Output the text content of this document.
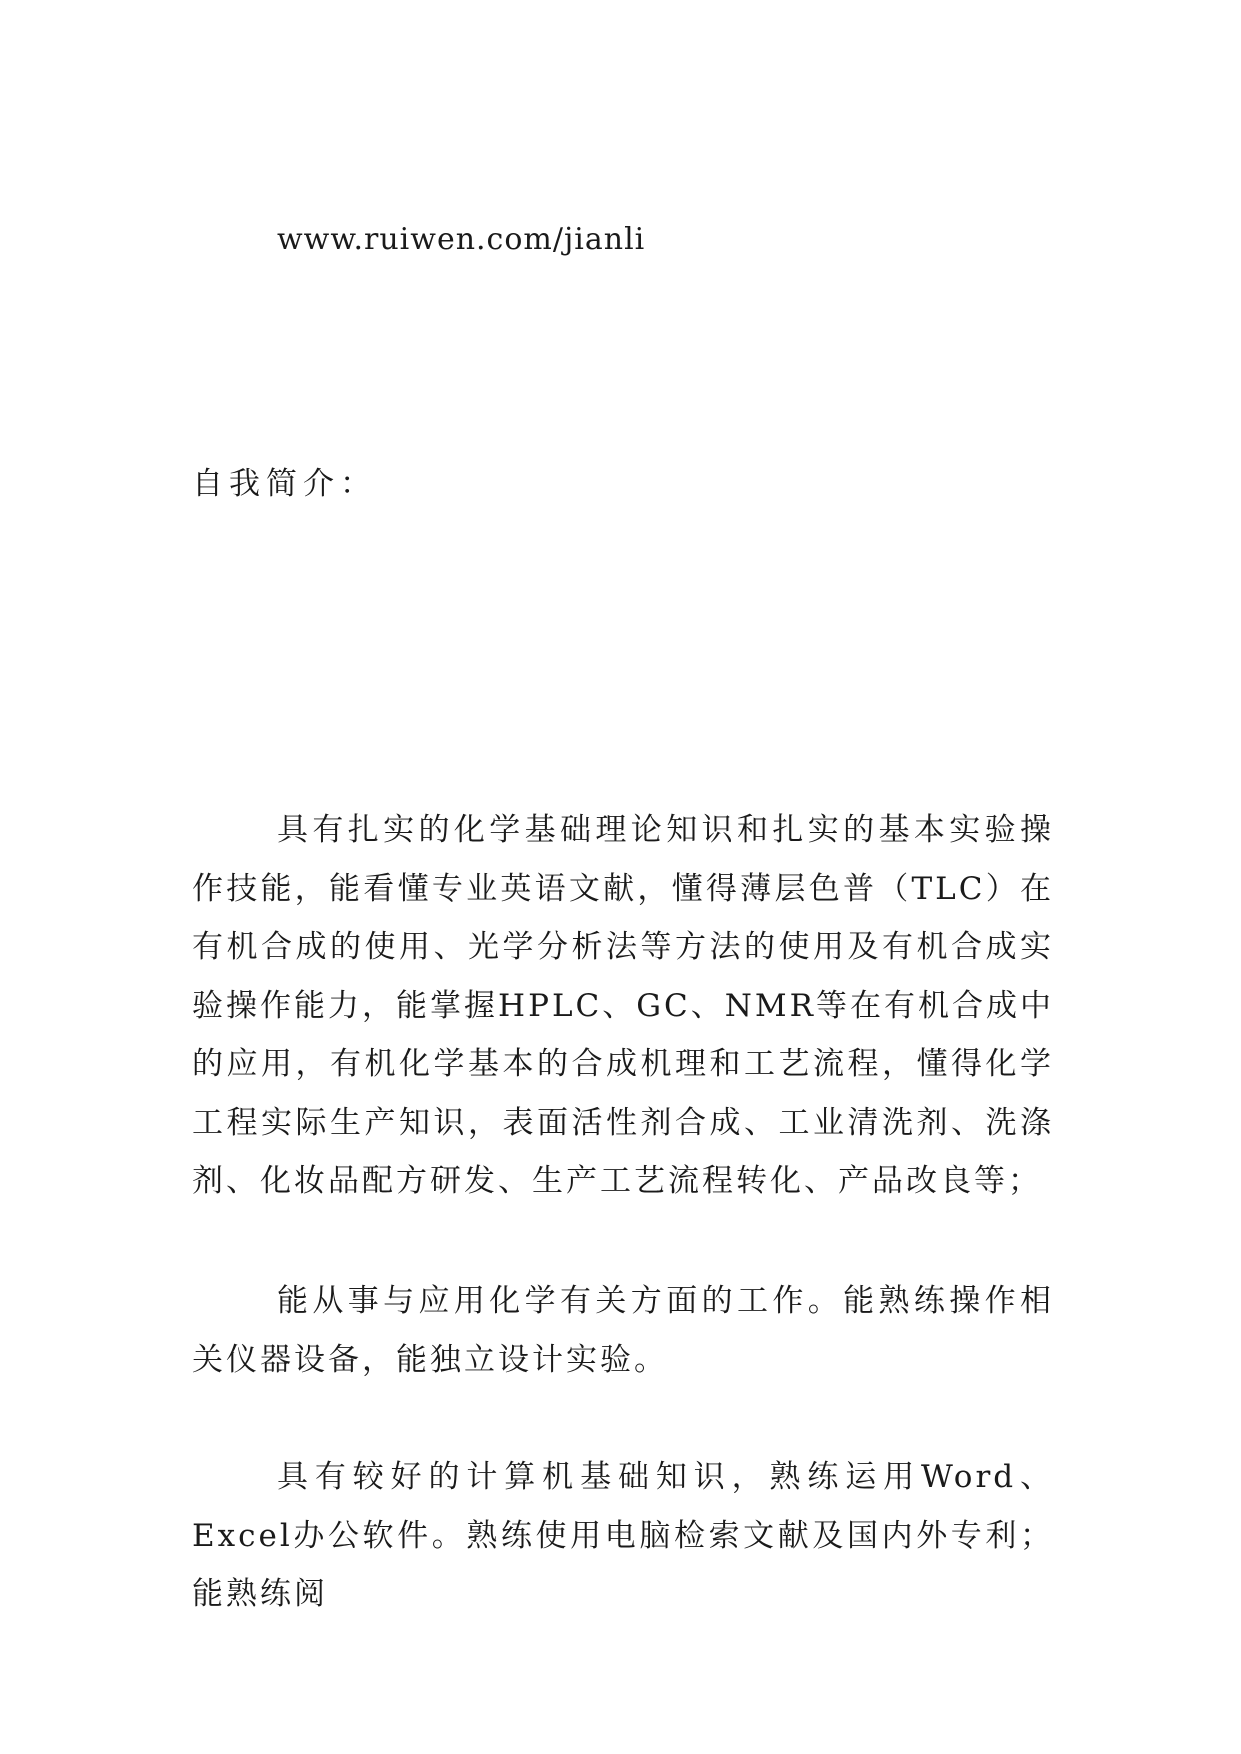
www.ruiwen.com/jianli
自我简介：

具有扎实的化学基础理论知识和扎实的基本实验操作技能，能看懂专业英语文献，懂得薄层色普（TLC）在有机合成的使用、光学分析法等方法的使用及有机合成实验操作能力，能掌握HPLC、GC、NMR等在有机合成中的应用，有机化学基本的合成机理和工艺流程，懂得化学工程实际生产知识，表面活性剂合成、工业清洗剂、洗涤剂、化妆品配方研发、生产工艺流程转化、产品改良等；

能从事与应用化学有关方面的工作。能熟练操作相关仪器设备，能独立设计实验。

具有较好的计算机基础知识，熟练运用Word、Excel办公软件。熟练使用电脑检索文献及国内外专利；能熟练阅
